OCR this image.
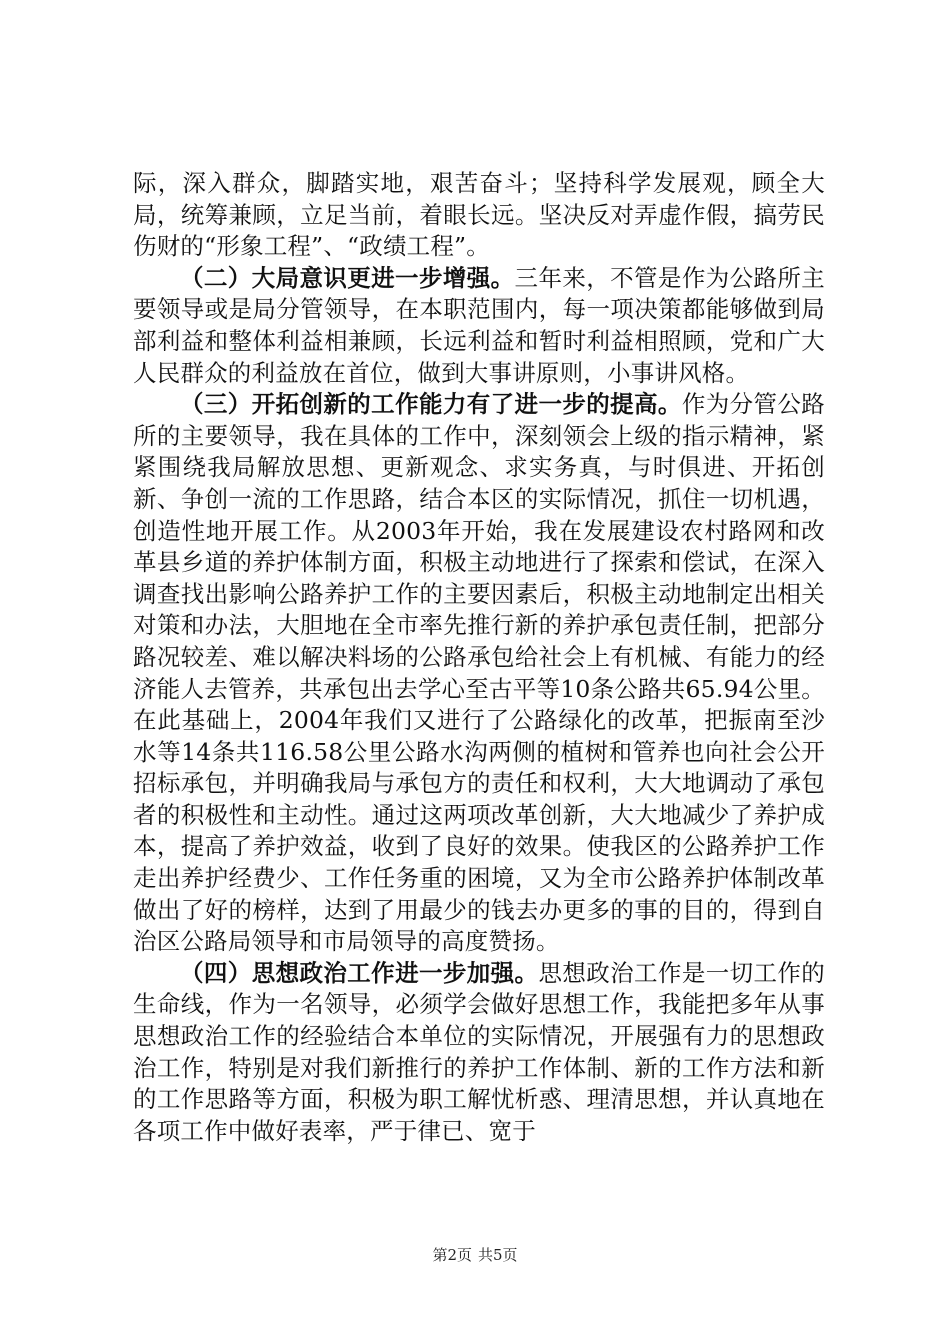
际，深入群众，脚踏实地，艰苦奋斗；坚持科学发展观，顾全大局，统筹兼顾，立足当前，着眼长远。坚决反对弄虚作假，搞劳民伤财的“形象工程”、“政绩工程”。

（二）大局意识更进一步增强。三年来，不管是作为公路所主要领导或是局分管领导，在本职范围内，每一项决策都能够做到局部利益和整体利益相兼顾，长远利益和暂时利益相照顾，党和广大人民群众的利益放在首位，做到大事讲原则，小事讲风格。

（三）开拓创新的工作能力有了进一步的提高。作为分管公路所的主要领导，我在具体的工作中，深刻领会上级的指示精神，紧紧围绕我局解放思想、更新观念、求实务真，与时俱进、开拓创新、争创一流的工作思路，结合本区的实际情况，抓住一切机遇，创造性地开展工作。从2003年开始，我在发展建设农村路网和改革县乡道的养护体制方面，积极主动地进行了探索和偿试，在深入调查找出影响公路养护工作的主要因素后，积极主动地制定出相关对策和办法，大胆地在全市率先推行新的养护承包责任制，把部分路况较差、难以解决料场的公路承包给社会上有机械、有能力的经济能人去管养，共承包出去学心至古平等10条公路共65.94公里。在此基础上，2004年我们又进行了公路绿化的改革，把振南至沙水等14条共116.58公里公路水沟两侧的植树和管养也向社会公开招标承包，并明确我局与承包方的责任和权利，大大地调动了承包者的积极性和主动性。通过这两项改革创新，大大地减少了养护成本，提高了养护效益，收到了良好的效果。使我区的公路养护工作走出养护经费少、工作任务重的困境，又为全市公路养护体制改革做出了好的榜样，达到了用最少的钱去办更多的事的目的，得到自治区公路局领导和市局领导的高度赞扬。

（四）思想政治工作进一步加强。思想政治工作是一切工作的生命线，作为一名领导，必须学会做好思想工作，我能把多年从事思想政治工作的经验结合本单位的实际情况，开展强有力的思想政治工作，特别是对我们新推行的养护工作体制、新的工作方法和新的工作思路等方面，积极为职工解忧析惑、理清思想，并认真地在各项工作中做好表率，严于律已、宽于

第2页 共5页
